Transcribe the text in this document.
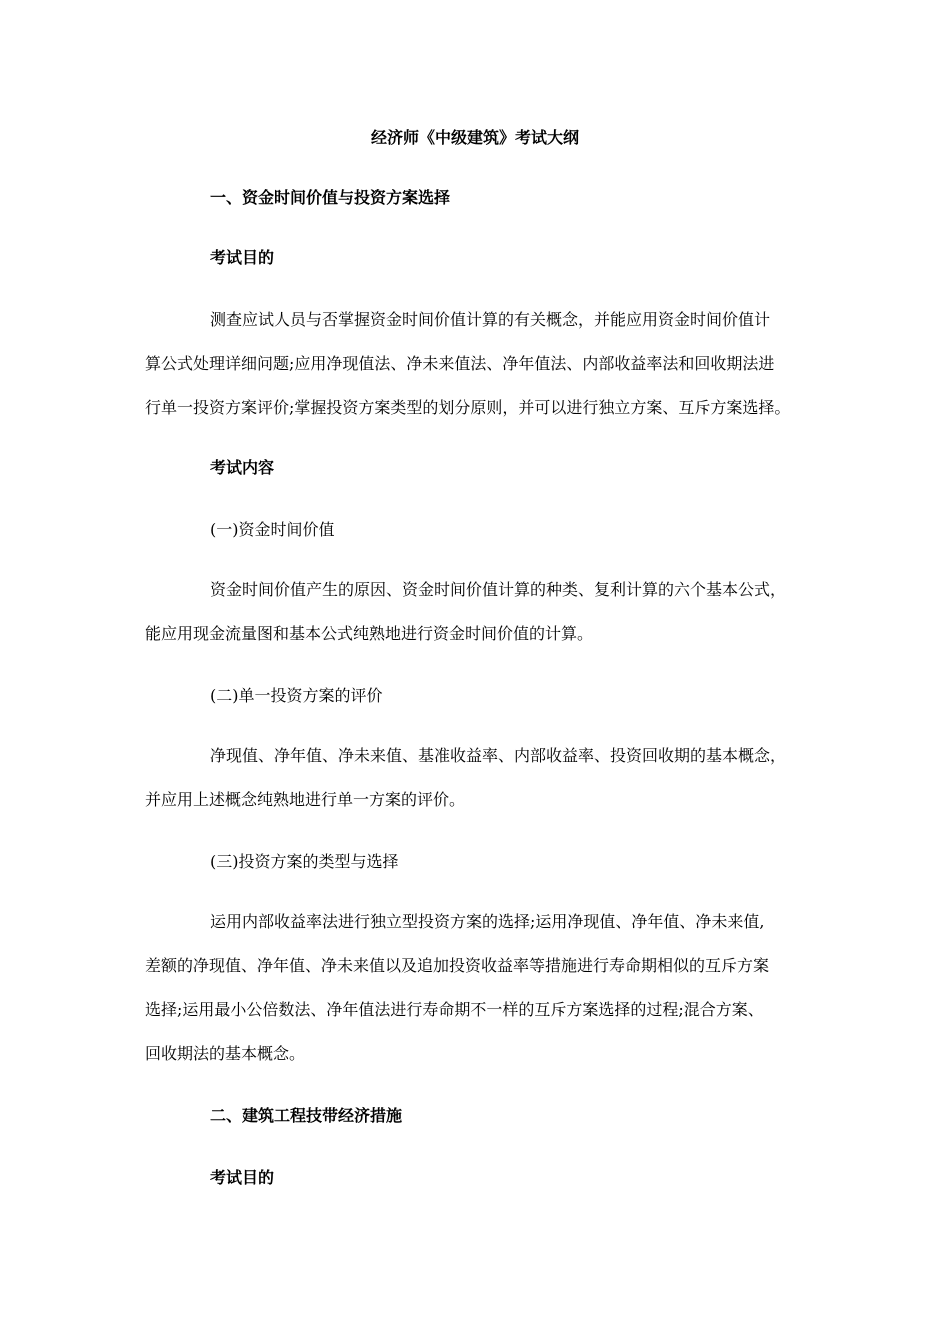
经济师《中级建筑》考试大纲

一、资金时间价值与投资方案选择

考试目的

测查应试人员与否掌握资金时间价值计算的有关概念，并能应用资金时间价值计

算公式处理详细问题;应用净现值法、净未来值法、净年值法、内部收益率法和回收期法进

行单一投资方案评价;掌握投资方案类型的划分原则，并可以进行独立方案、互斥方案选择。

考试内容

(一)资金时间价值

资金时间价值产生的原因、资金时间价值计算的种类、复利计算的六个基本公式，

能应用现金流量图和基本公式纯熟地进行资金时间价值的计算。

(二)单一投资方案的评价

净现值、净年值、净未来值、基准收益率、内部收益率、投资回收期的基本概念，

并应用上述概念纯熟地进行单一方案的评价。

(三)投资方案的类型与选择

运用内部收益率法进行独立型投资方案的选择;运用净现值、净年值、净未来值,

差额的净现值、净年值、净未来值以及追加投资收益率等措施进行寿命期相似的互斥方案

选择;运用最小公倍数法、净年值法进行寿命期不一样的互斥方案选择的过程;混合方案、

回收期法的基本概念。

二、建筑工程技带经济措施

考试目的
